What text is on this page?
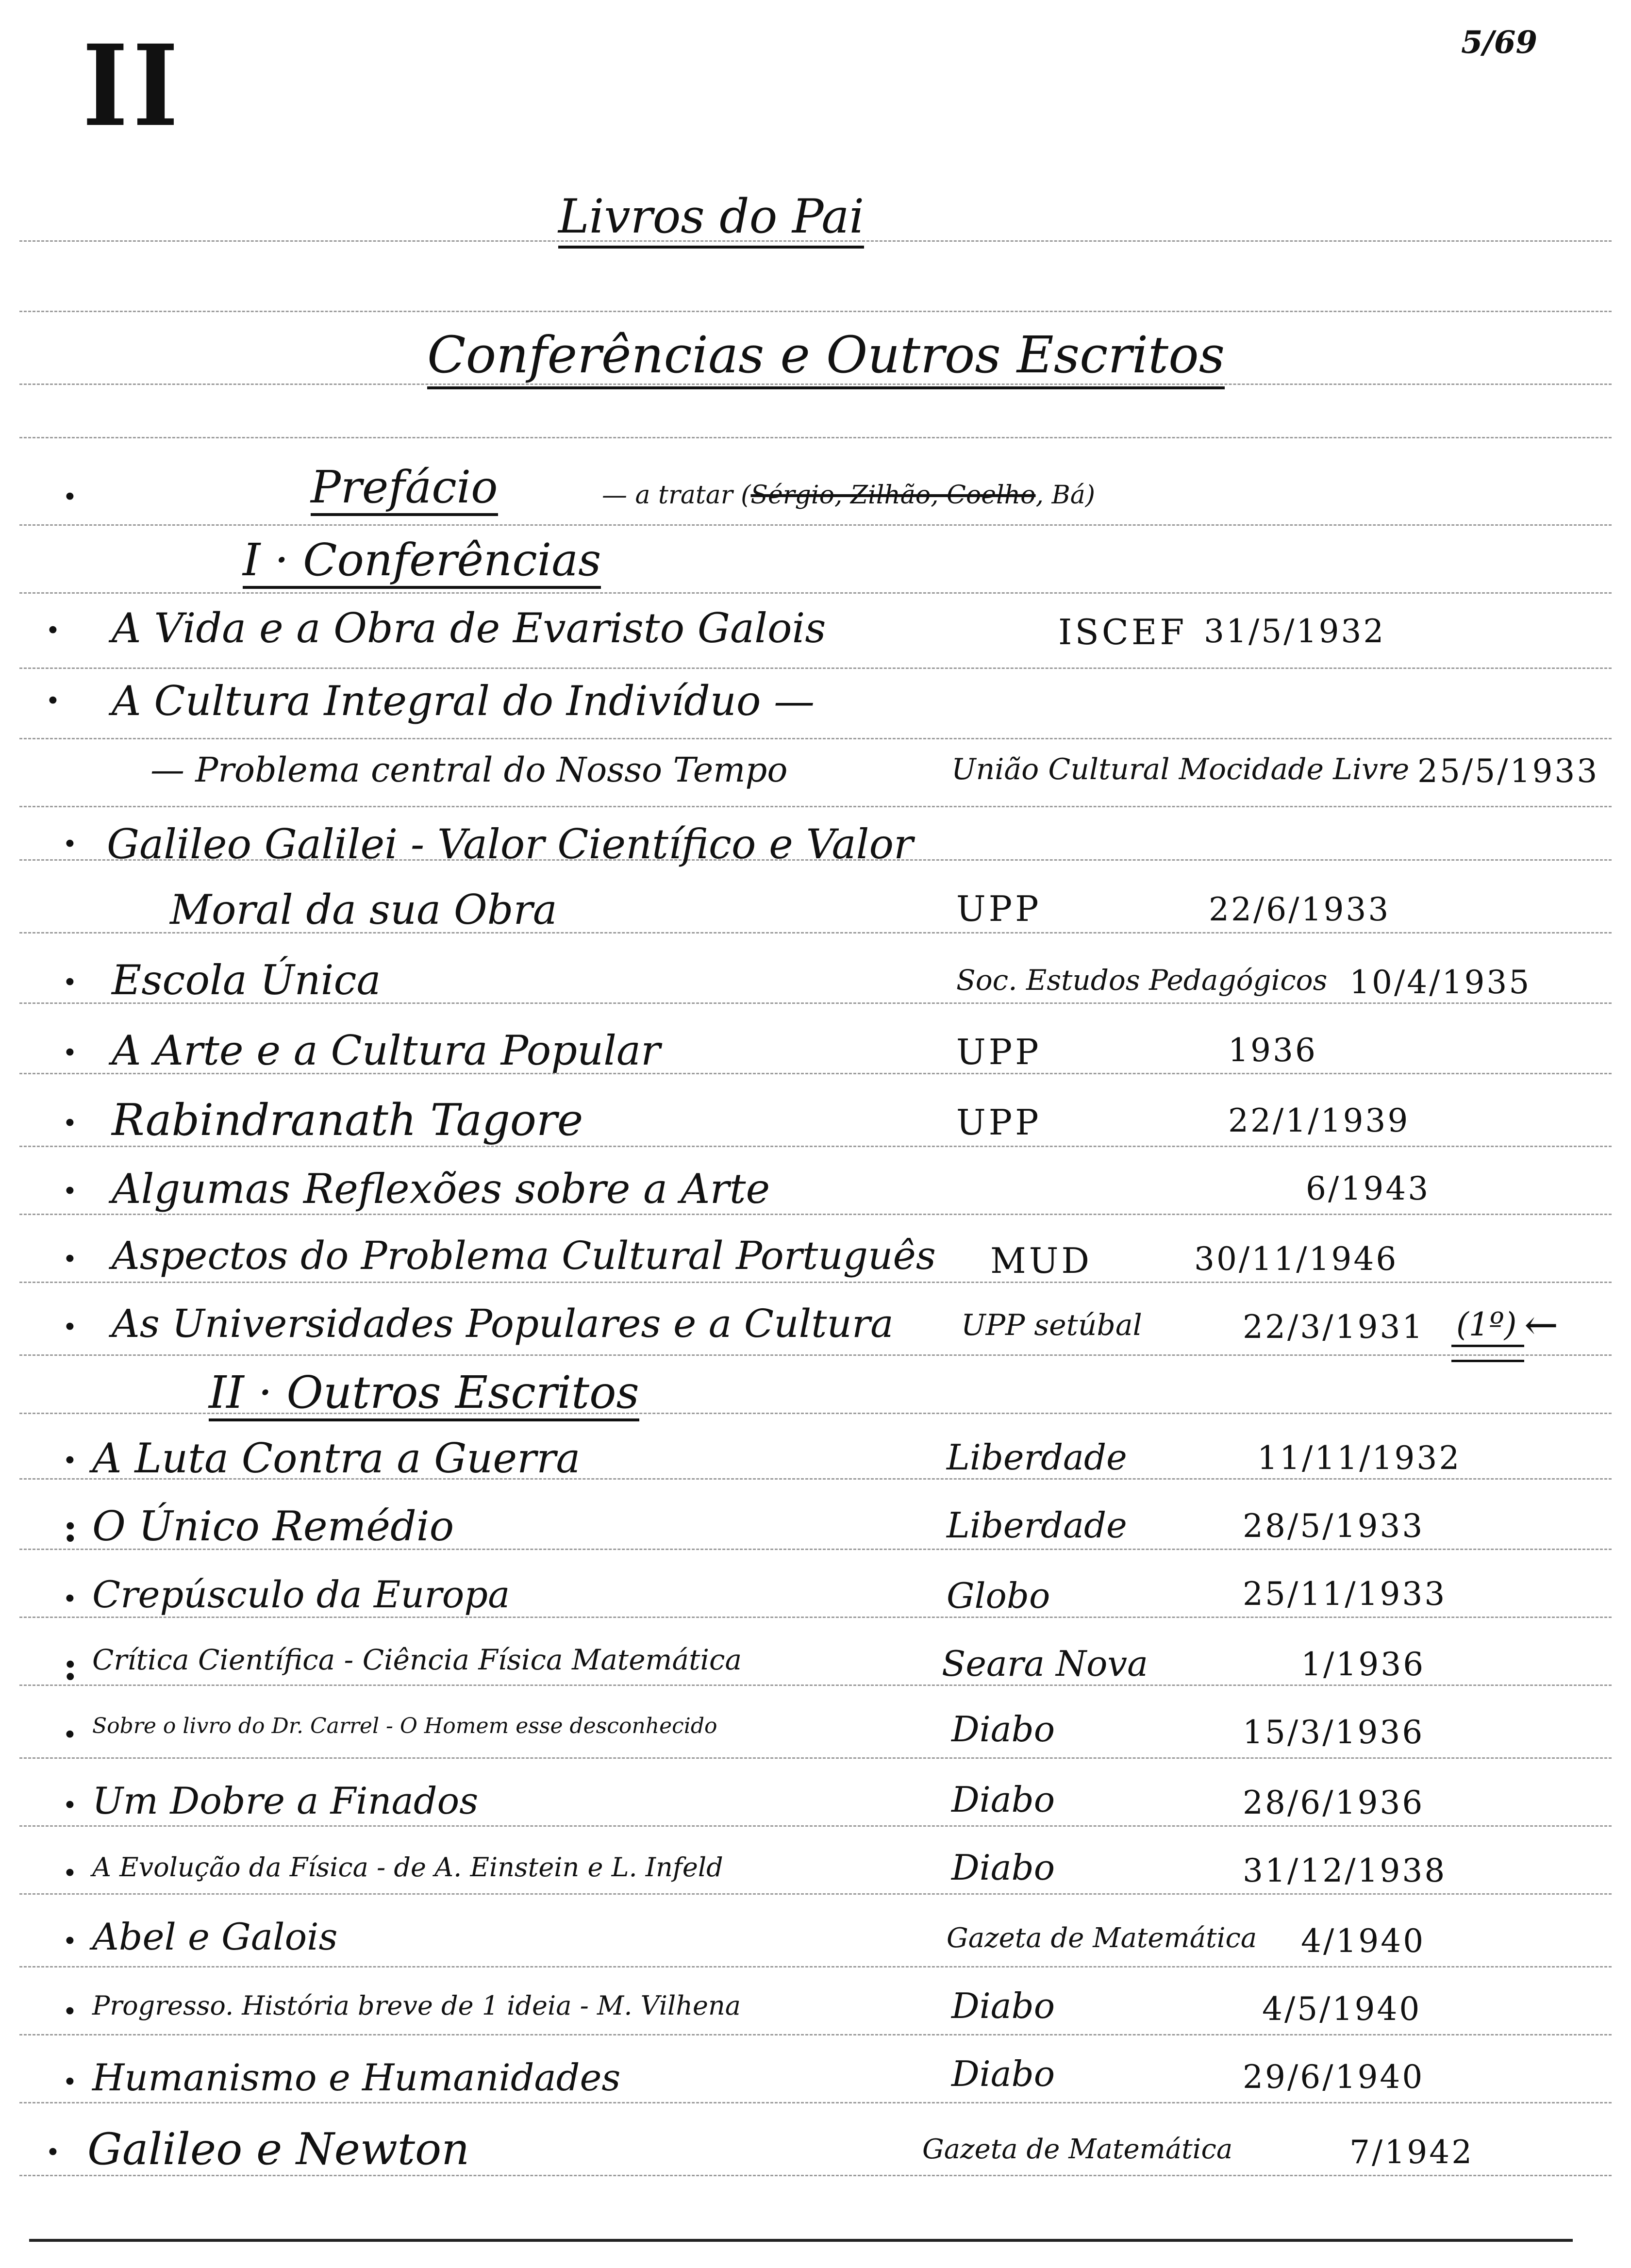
II	5/69
Livros do Pai
Conferências e Outros Escritos
·	Prefácio	— a tratar (Sérgio, Zilhão, Coelho, Bá)
I · Conferências
· A Vida e a Obra de Evaristo Galois	ISCEF 31/5/1932
· A Cultura Integral do Indivíduo —
— Problema central do Nosso Tempo	União Cultural Mocidade Livre 25/5/1933
· Galileo Galilei - Valor Científico e Valor
Moral da sua Obra	UPP	22/6/1933
· Escola Única	Soc. Estudos Pedagógicos 10/4/1935
· A Arte e a Cultura Popular	UPP	1936
· Rabindranath Tagore	UPP	22/1/1939
· Algumas Reflexões sobre a Arte	6/1943
· Aspectos do Problema Cultural Português MUD	30/11/1946
· As Universidades Populares e a Cultura UPP setúbal	22/3/1931 (1º) ←
II · Outros Escritos
· A Luta Contra a Guerra	Liberdade	11/11/1932
: O Único Remédio	Liberdade	28/5/1933
· Crepúsculo da Europa	Globo	25/11/1933
: Crítica Científica - Ciência Física Matemática	Seara Nova	1/1936
· Sobre o livro do Dr. Carrel - O Homem esse desconhecido	Diabo	15/3/1936
· Um Dobre a Finados	Diabo	28/6/1936
· A Evolução da Física - de A. Einstein e L. Infeld	Diabo	31/12/1938
· Abel e Galois	Gazeta de Matemática 4/1940
· Progresso. História breve de 1 ideia - M. Vilhena	Diabo	4/5/1940
· Humanismo e Humanidades	Diabo	29/6/1940
· Galileo e Newton	Gazeta de Matemática	7/1942
